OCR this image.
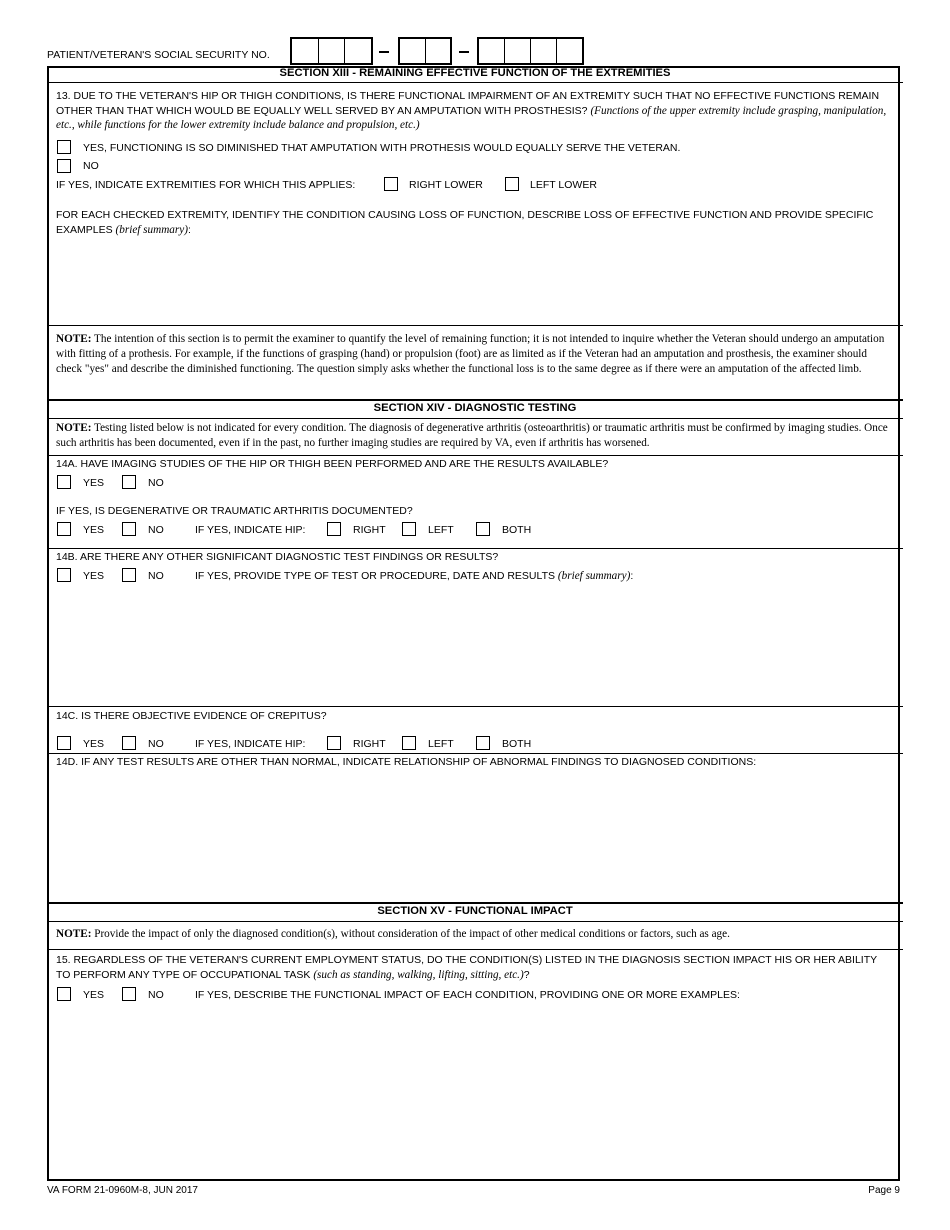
PATIENT/VETERAN'S SOCIAL SECURITY NO.
SECTION XIII - REMAINING EFFECTIVE FUNCTION OF THE EXTREMITIES
13. DUE TO THE VETERAN'S HIP OR THIGH CONDITIONS, IS THERE FUNCTIONAL IMPAIRMENT OF AN EXTREMITY SUCH THAT NO EFFECTIVE FUNCTIONS REMAIN OTHER THAN THAT WHICH WOULD BE EQUALLY WELL SERVED BY AN AMPUTATION WITH PROSTHESIS? (Functions of the upper extremity include grasping, manipulation, etc., while functions for the lower extremity include balance and propulsion, etc.)
YES, FUNCTIONING IS SO DIMINISHED THAT AMPUTATION WITH PROTHESIS WOULD EQUALLY SERVE THE VETERAN.
NO
IF YES, INDICATE EXTREMITIES FOR WHICH THIS APPLIES:	RIGHT LOWER	LEFT LOWER
FOR EACH CHECKED EXTREMITY, IDENTIFY THE CONDITION CAUSING LOSS OF FUNCTION, DESCRIBE LOSS OF EFFECTIVE FUNCTION AND PROVIDE SPECIFIC EXAMPLES (brief summary):
NOTE: The intention of this section is to permit the examiner to quantify the level of remaining function; it is not intended to inquire whether the Veteran should undergo an amputation with fitting of a prothesis. For example, if the functions of grasping (hand) or propulsion (foot) are as limited as if the Veteran had an amputation and prosthesis, the examiner should check "yes" and describe the diminished functioning. The question simply asks whether the functional loss is to the same degree as if there were an amputation of the affected limb.
SECTION XIV - DIAGNOSTIC TESTING
NOTE: Testing listed below is not indicated for every condition. The diagnosis of degenerative arthritis (osteoarthritis) or traumatic arthritis must be confirmed by imaging studies. Once such arthritis has been documented, even if in the past, no further imaging studies are required by VA, even if arthritis has worsened.
14A. HAVE IMAGING STUDIES OF THE HIP OR THIGH BEEN PERFORMED AND ARE THE RESULTS AVAILABLE?
YES	NO
IF YES, IS DEGENERATIVE OR TRAUMATIC ARTHRITIS DOCUMENTED?
YES	NO	IF YES, INDICATE HIP:	RIGHT	LEFT	BOTH
14B. ARE THERE ANY OTHER SIGNIFICANT DIAGNOSTIC TEST FINDINGS OR RESULTS?
YES	NO	IF YES, PROVIDE TYPE OF TEST OR PROCEDURE, DATE AND RESULTS (brief summary):
14C. IS THERE OBJECTIVE EVIDENCE OF CREPITUS?
YES	NO	IF YES, INDICATE HIP:	RIGHT	LEFT	BOTH
14D. IF ANY TEST RESULTS ARE OTHER THAN NORMAL, INDICATE RELATIONSHIP OF ABNORMAL FINDINGS TO DIAGNOSED CONDITIONS:
SECTION XV - FUNCTIONAL IMPACT
NOTE: Provide the impact of only the diagnosed condition(s), without consideration of the impact of other medical conditions or factors, such as age.
15. REGARDLESS OF THE VETERAN'S CURRENT EMPLOYMENT STATUS, DO THE CONDITION(S) LISTED IN THE DIAGNOSIS SECTION IMPACT HIS OR HER ABILITY TO PERFORM ANY TYPE OF OCCUPATIONAL TASK (such as standing, walking, lifting, sitting, etc.)?
YES	NO	IF YES, DESCRIBE THE FUNCTIONAL IMPACT OF EACH CONDITION, PROVIDING ONE OR MORE EXAMPLES:
VA FORM 21-0960M-8, JUN 2017	Page 9
